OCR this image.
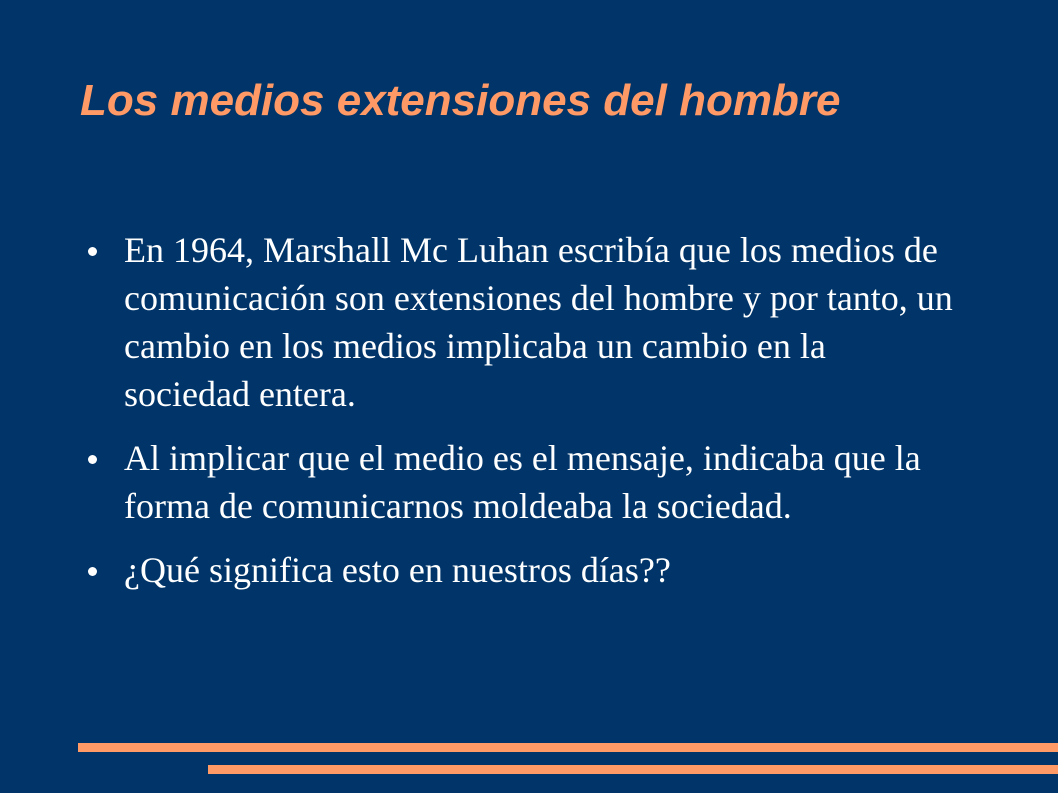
Los medios extensiones del hombre
En 1964, Marshall Mc Luhan escribía que los medios de comunicación son extensiones del hombre y por tanto, un cambio en los medios implicaba un cambio en la sociedad entera.
Al implicar que el medio es el mensaje, indicaba que la forma de comunicarnos moldeaba la sociedad.
¿Qué significa esto en nuestros días??
